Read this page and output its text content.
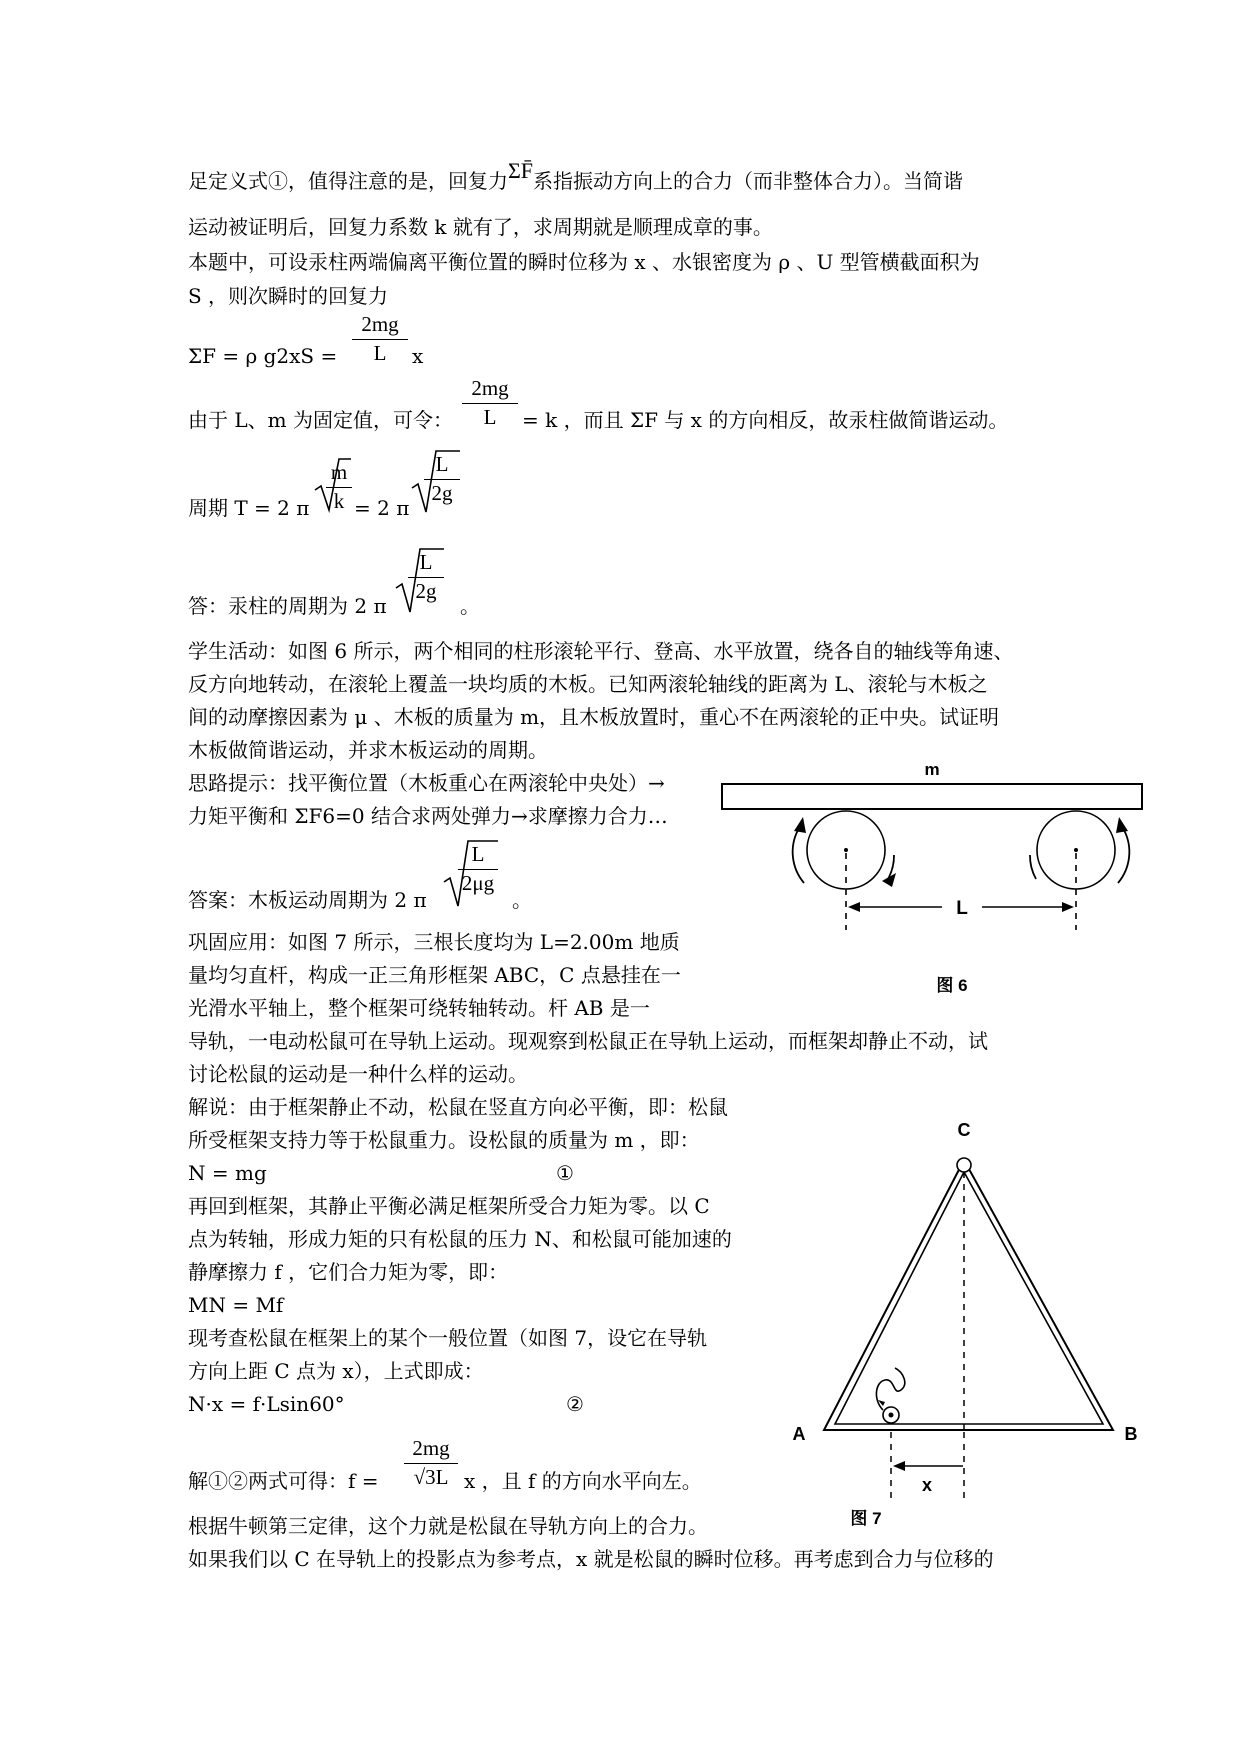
足定义式①，值得注意的是，回复力ΣF̄系指振动方向上的合力（而非整体合力）。当简谐
运动被证明后，回复力系数 k 就有了，求周期就是顺理成章的事。
本题中，可设汞柱两端偏离平衡位置的瞬时位移为 x 、水银密度为 ρ 、U 型管横截面积为
S ，则次瞬时的回复力
ΣF = ρ $g2xS = \frac{2mg}{L}$ x
由于 L、m 为固定值，可令： $\frac{2mg}{L} = k$ ，而且 ΣF 与 x 的方向相反，故汞柱做简谐运动。
周期 T = 2 π $\frac{m}{k} = 2$ π
$\frac{L}{2g}$
答：汞柱的周期为 2 π
$\frac{L}{2g}$
。
学生活动：如图 6 所示，两个相同的柱形滚轮平行、登高、水平放置，绕各自的轴线等角速、
反方向地转动，在滚轮上覆盖一块均质的木板。已知两滚轮轴线的距离为 L、滚轮与木板之
间的动摩擦因素为 μ 、木板的质量为 m，且木板放置时，重心不在两滚轮的正中央。试证明
木板做简谐运动，并求木板运动的周期。
思路提示：找平衡位置（木板重心在两滚轮中央处）→
力矩平衡和 ΣF6=0 结合求两处弹力→求摩擦力合力…
答案：木板运动周期为 2 π
$\frac{L}{2\mu g}$
。
巩固应用：如图 7 所示，三根长度均为 L=2.00m 地质
量均匀直杆，构成一正三角形框架 ABC，C 点悬挂在一
光滑水平轴上，整个框架可绕转轴转动。杆 AB 是一
导轨，一电动松鼠可在导轨上运动。现观察到松鼠正在导轨上运动，而框架却静止不动，试
讨论松鼠的运动是一种什么样的运动。
解说：由于框架静止不动，松鼠在竖直方向必平衡，即：松鼠
所受框架支持力等于松鼠重力。设松鼠的质量为 m ，即：
N = mg	①
再回到框架，其静止平衡必满足框架所受合力矩为零。以 C
点为转轴，形成力矩的只有松鼠的压力 N、和松鼠可能加速的
静摩擦力 f ，它们合力矩为零，即：
MN = Mf
现考查松鼠在框架上的某个一般位置（如图 7，设它在导轨
方向上距 C 点为 x），上式即成：
N·x = f·Lsin60°	②
解①②两式可得：$f = \frac{2mg}{√3L}$ x ，且 f 的方向水平向左。
根据牛顿第三定律，这个力就是松鼠在导轨方向上的合力。
如果我们以 C 在导轨上的投影点为参考点，x 就是松鼠的瞬时位移。再考虑到合力与位移的
m
L
图 6
C
A	B
x
图 7
